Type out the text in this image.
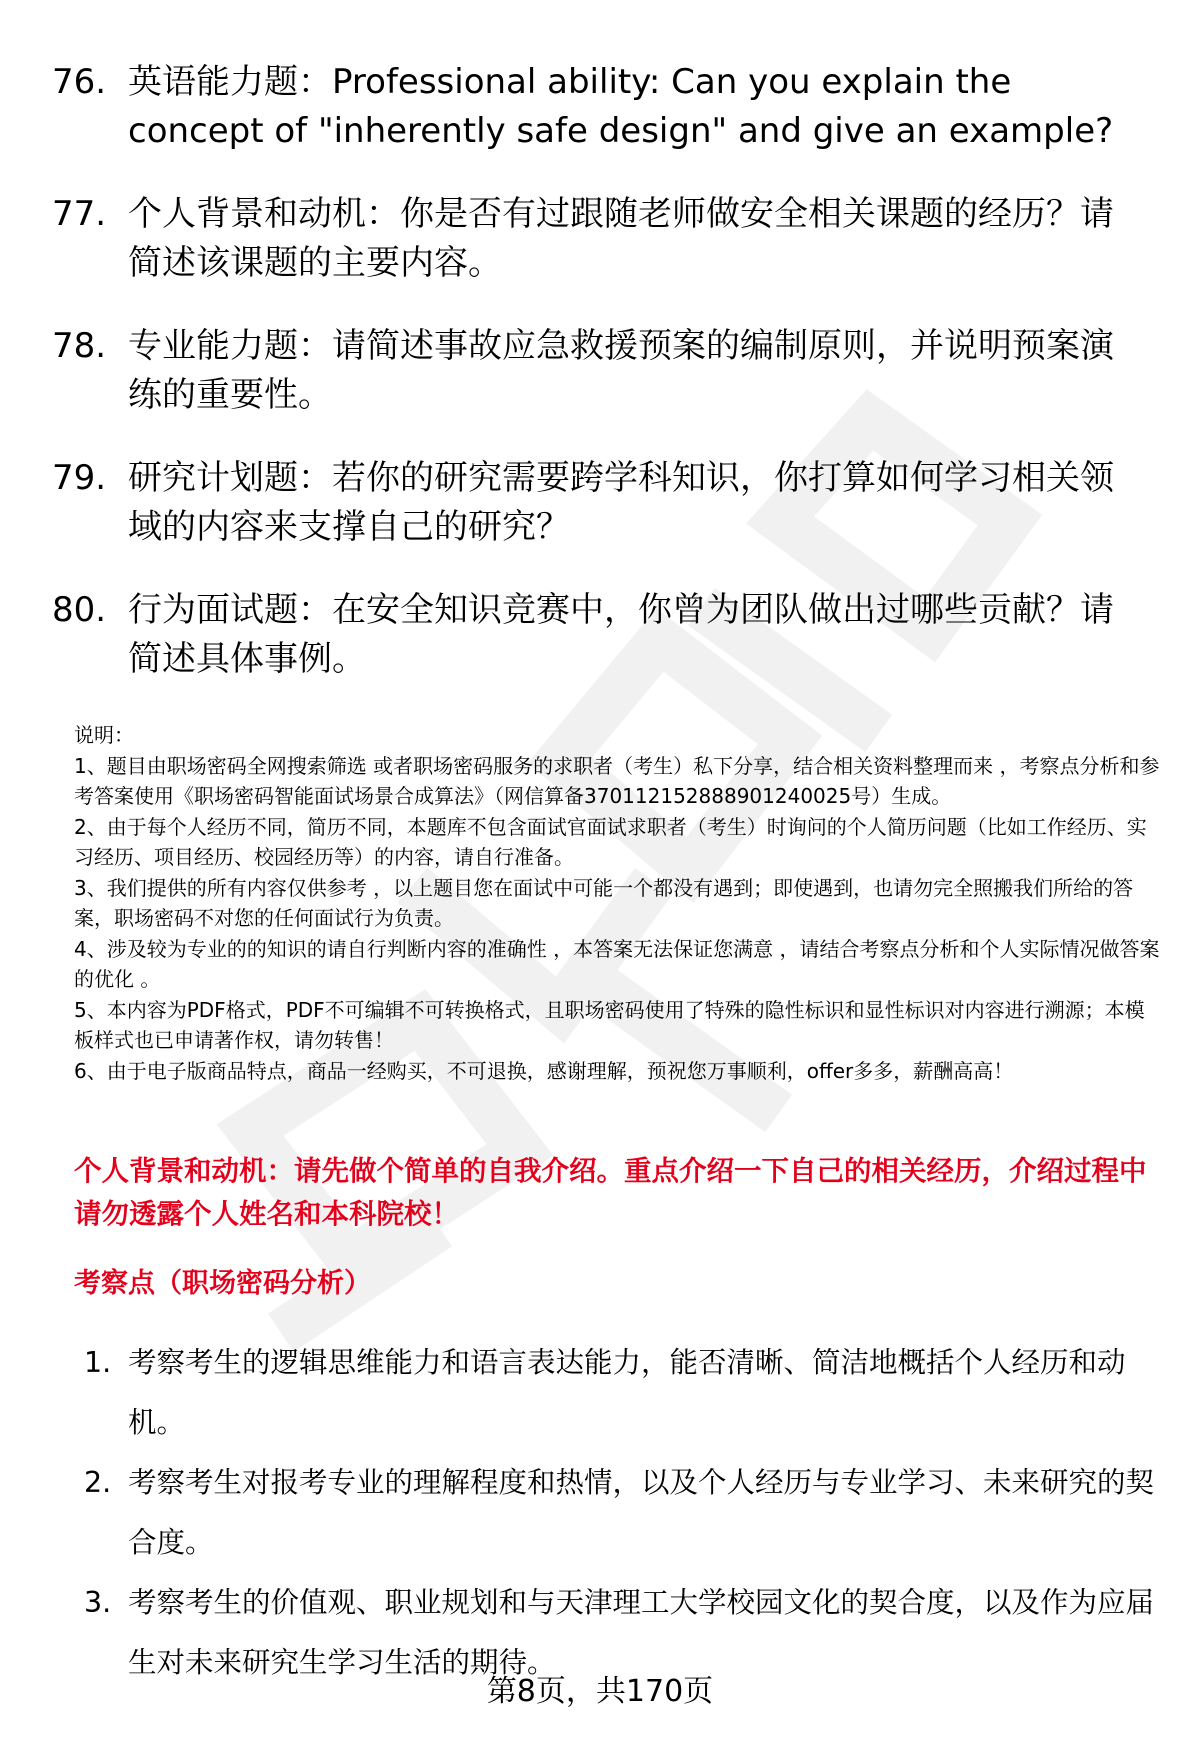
76. 英语能力题：Professional ability: Can you explain the concept of "inherently safe design" and give an example?
77. 个人背景和动机：你是否有过跟随老师做安全相关课题的经历？请简述该课题的主要内容。
78. 专业能力题：请简述事故应急救援预案的编制原则，并说明预案演练的重要性。
79. 研究计划题：若你的研究需要跨学科知识，你打算如何学习相关领域的内容来支撑自己的研究？
80. 行为面试题：在安全知识竞赛中，你曾为团队做出过哪些贡献？请简述具体事例。

说明：

1、题目由职场密码全网搜索筛选 或者职场密码服务的求职者（考生）私下分享，结合相关资料整理而来 ，考察点分析和参考答案使用《职场密码智能面试场景合成算法》（网信算备370112152888901240025号）生成。

2、由于每个人经历不同，简历不同，本题库不包含面试官面试求职者（考生）时询问的个人简历问题（比如工作经历、实习经历、项目经历、校园经历等）的内容，请自行准备。

3、我们提供的所有内容仅供参考 ，以上题目您在面试中可能一个都没有遇到；即使遇到，也请勿完全照搬我们所给的答案，职场密码不对您的任何面试行为负责。

4、涉及较为专业的的知识的请自行判断内容的准确性 ，本答案无法保证您满意 ，请结合考察点分析和个人实际情况做答案的优化 。

5、本内容为PDF格式，PDF不可编辑不可转换格式，且职场密码使用了特殊的隐性标识和显性标识对内容进行溯源；本模板样式也已申请著作权，请勿转售！

6、由于电子版商品特点，商品一经购买，不可退换，感谢理解，预祝您万事顺利，offer多多，薪酬高高！

个人背景和动机：请先做个简单的自我介绍。重点介绍一下自己的相关经历，介绍过程中请勿透露个人姓名和本科院校！
考察点（职场密码分析）
1. 考察考生的逻辑思维能力和语言表达能力，能否清晰、简洁地概括个人经历和动机。
2. 考察考生对报考专业的理解程度和热情，以及个人经历与专业学习、未来研究的契合度。
3. 考察考生的价值观、职业规划和与天津理工大学校园文化的契合度，以及作为应届生对未来研究生学习生活的期待。
第8页，共170页
